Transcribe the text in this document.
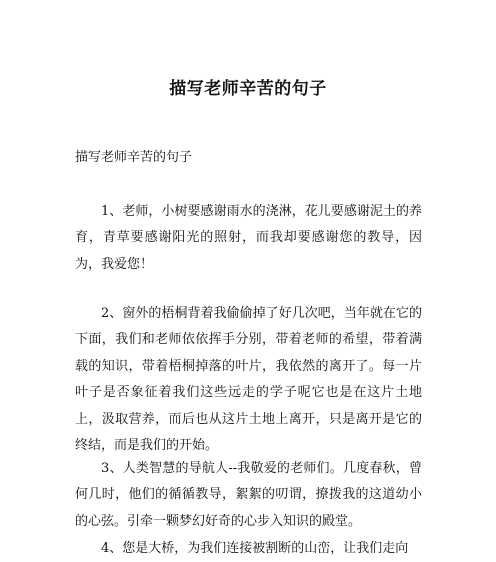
描写老师辛苦的句子
描写老师辛苦的句子

1、老师，小树要感谢雨水的浇淋，花儿要感谢泥土的养育，青草要感谢阳光的照射，而我却要感谢您的教导，因为，我爱您！

2、窗外的梧桐背着我偷偷掉了好几次吧，当年就在它的下面，我们和老师依依挥手分别，带着老师的希望，带着满载的知识，带着梧桐掉落的叶片，我依然的离开了。每一片叶子是否象征着我们这些远走的学子呢它也是在这片土地上，汲取营养，而后也从这片土地上离开，只是离开是它的终结，而是我们的开始。

3、人类智慧的导航人--我敬爱的老师们。几度春秋，曾何几时，他们的循循教导，絮絮的叨谓，撩拨我的这道幼小的心弦。引牵一颗梦幻好奇的心步入知识的殿堂。

4、您是大桥，为我们连接被割断的山峦，让我们走向
